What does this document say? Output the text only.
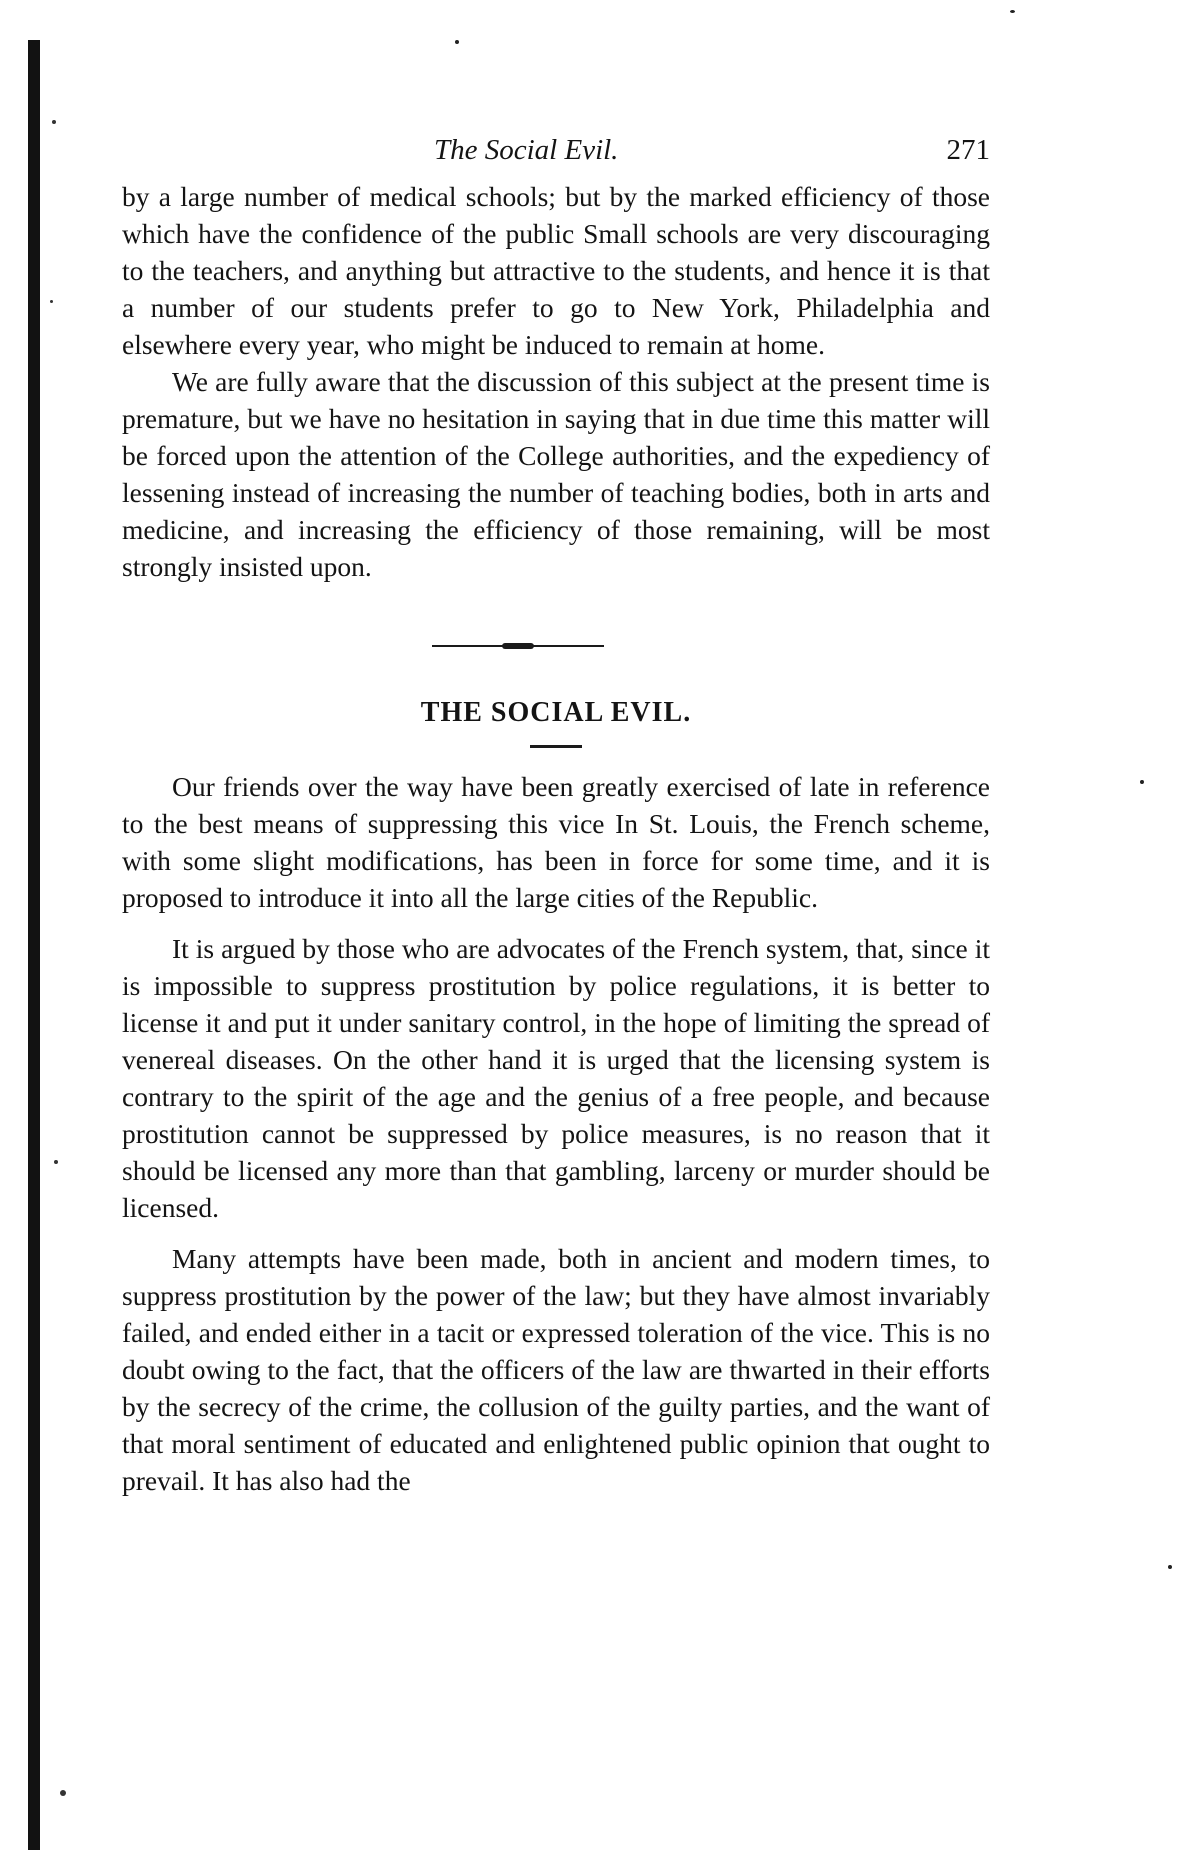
The Social Evil.	271

by a large number of medical schools; but by the marked efficiency of those which have the confidence of the public Small schools are very discouraging to the teachers, and anything but attractive to the students, and hence it is that a number of our students prefer to go to New York, Philadelphia and elsewhere every year, who might be induced to remain at home.

We are fully aware that the discussion of this subject at the present time is premature, but we have no hesitation in saying that in due time this matter will be forced upon the attention of the College authorities, and the expediency of lessening instead of increasing the number of teaching bodies, both in arts and medicine, and increasing the efficiency of those remaining, will be most strongly insisted upon.

THE SOCIAL EVIL.

Our friends over the way have been greatly exercised of late in reference to the best means of suppressing this vice In St. Louis, the French scheme, with some slight modifications, has been in force for some time, and it is proposed to introduce it into all the large cities of the Republic.

It is argued by those who are advocates of the French system, that, since it is impossible to suppress prostitution by police regulations, it is better to license it and put it under sanitary control, in the hope of limiting the spread of venereal diseases. On the other hand it is urged that the licensing system is contrary to the spirit of the age and the genius of a free people, and because prostitution cannot be suppressed by police measures, is no reason that it should be licensed any more than that gambling, larceny or murder should be licensed.

Many attempts have been made, both in ancient and modern times, to suppress prostitution by the power of the law; but they have almost invariably failed, and ended either in a tacit or expressed toleration of the vice. This is no doubt owing to the fact, that the officers of the law are thwarted in their efforts by the secrecy of the crime, the collusion of the guilty parties, and the want of that moral sentiment of educated and enlightened public opinion that ought to prevail. It has also had the
